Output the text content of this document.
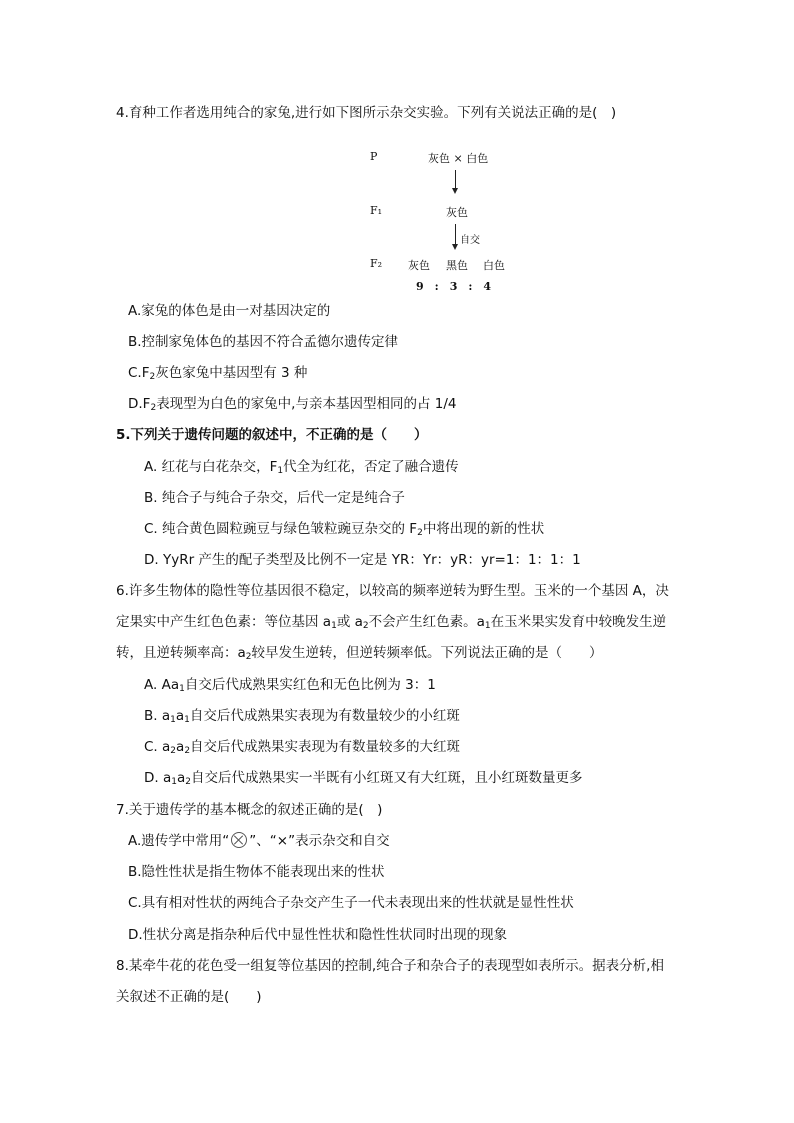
4.育种工作者选用纯合的家兔,进行如下图所示杂交实验。下列有关说法正确的是(　)
P	灰色 × 白色
F₁	灰色
自交
F₂ 灰色 黑色 白色
9　:　3　:　4
A.家兔的体色是由一对基因决定的
B.控制家兔体色的基因不符合孟德尔遗传定律
$C.F_2$灰色家兔中基因型有 3 种
$D.F_2$表现型为白色的家兔中,与亲本基因型相同的占 1/4
5.下列关于遗传问题的叙述中，不正确的是（　　）
A. 红花与白花杂交，$F_1$代全为红花，否定了融合遗传
B. 纯合子与纯合子杂交，后代一定是纯合子
C. 纯合黄色圆粒豌豆与绿色皱粒豌豆杂交的 $F_2$中将出现的新的性状
D. YyRr 产生的配子类型及比例不一定是 YR：Yr：yR：yr=1：1：1：1
6.许多生物体的隐性等位基因很不稳定，以较高的频率逆转为野生型。玉米的一个基因 A，决
定果实中产生红色色素：等位基因 $a_1$或 $a_2$不会产生红色素。$a_1$在玉米果实发育中较晚发生逆
转，且逆转频率高：$a_2$较早发生逆转，但逆转频率低。下列说法正确的是（　　）
A. $Aa_1$自交后代成熟果实红色和无色比例为 3：1
B. $a_1a_1$自交后代成熟果实表现为有数量较少的小红斑
C. $a_2a_2$自交后代成熟果实表现为有数量较多的大红斑
D. $a_1a_2$自交后代成熟果实一半既有小红斑又有大红斑，且小红斑数量更多
7.关于遗传学的基本概念的叙述正确的是(　)
A.遗传学中常用“ ”、“×”表示杂交和自交
B.隐性性状是指生物体不能表现出来的性状
C.具有相对性状的两纯合子杂交产生子一代未表现出来的性状就是显性性状
D.性状分离是指杂种后代中显性性状和隐性性状同时出现的现象
8.某牵牛花的花色受一组复等位基因的控制,纯合子和杂合子的表现型如表所示。据表分析,相
关叙述不正确的是(　　)
